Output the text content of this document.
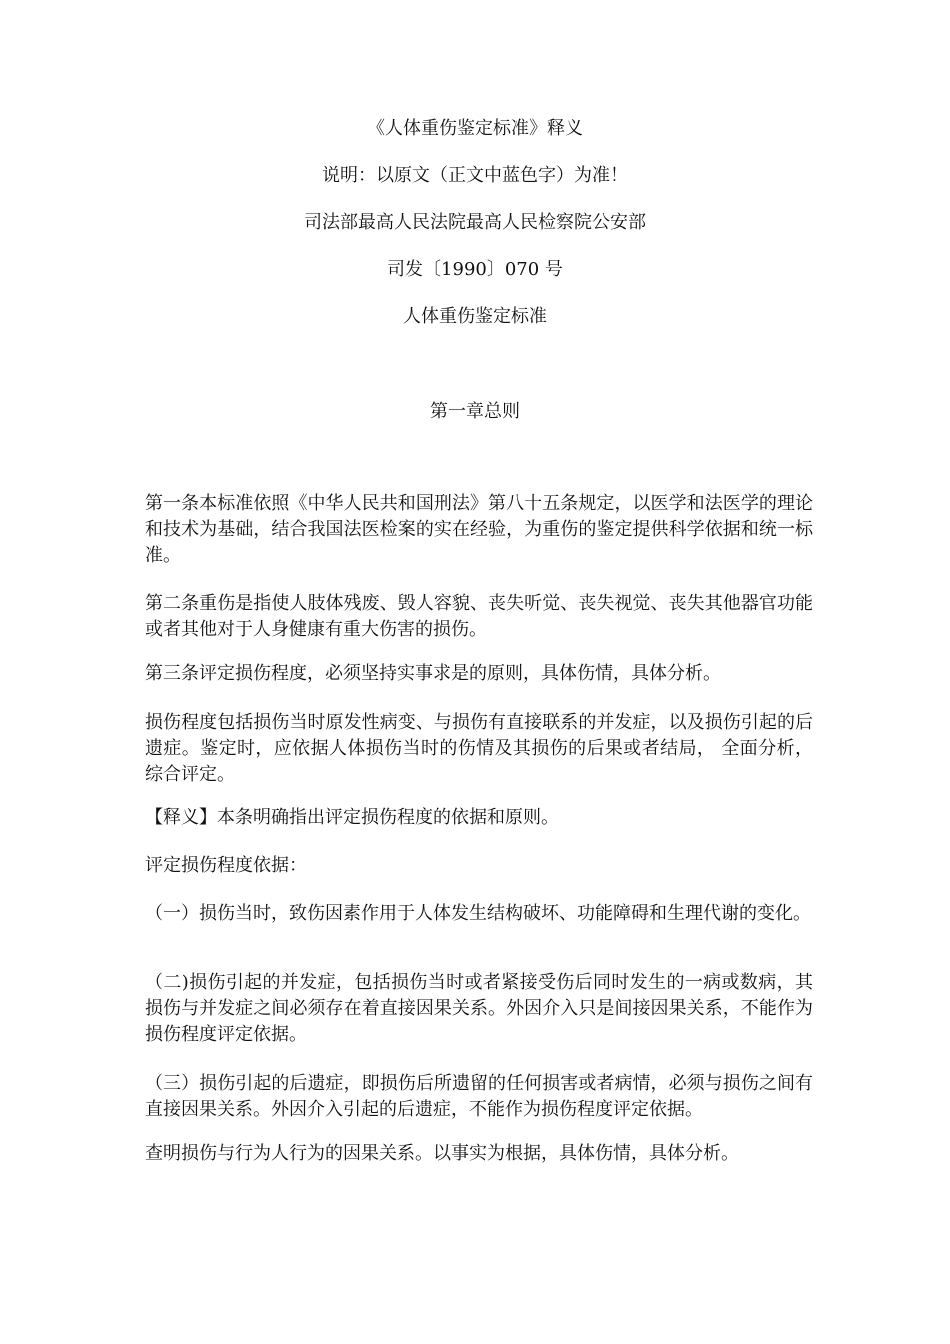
《人体重伤鉴定标准》释义
说明：以原文（正文中蓝色字）为准！
司法部最高人民法院最高人民检察院公安部
司发〔1990〕070 号
人体重伤鉴定标准
第一章总则

第一条本标准依照《中华人民共和国刑法》第八十五条规定，以医学和法医学的理论和技术为基础，结合我国法医检案的实在经验，为重伤的鉴定提供科学依据和统一标准。

第二条重伤是指使人肢体残废、毁人容貌、丧失听觉、丧失视觉、丧失其他器官功能或者其他对于人身健康有重大伤害的损伤。

第三条评定损伤程度，必须坚持实事求是的原则，具体伤情，具体分析。

损伤程度包括损伤当时原发性病变、与损伤有直接联系的并发症，以及损伤引起的后遗症。鉴定时，应依据人体损伤当时的伤情及其损伤的后果或者结局， 全面分析，综合评定。

【释义】本条明确指出评定损伤程度的依据和原则。

评定损伤程度依据：

（一）损伤当时，致伤因素作用于人体发生结构破坏、功能障碍和生理代谢的变化。

（二)损伤引起的并发症，包括损伤当时或者紧接受伤后同时发生的一病或数病，其损伤与并发症之间必须存在着直接因果关系。外因介入只是间接因果关系，不能作为损伤程度评定依据。

（三）损伤引起的后遗症，即损伤后所遗留的任何损害或者病情，必须与损伤之间有直接因果关系。外因介入引起的后遗症，不能作为损伤程度评定依据。

查明损伤与行为人行为的因果关系。以事实为根据，具体伤情，具体分析。
